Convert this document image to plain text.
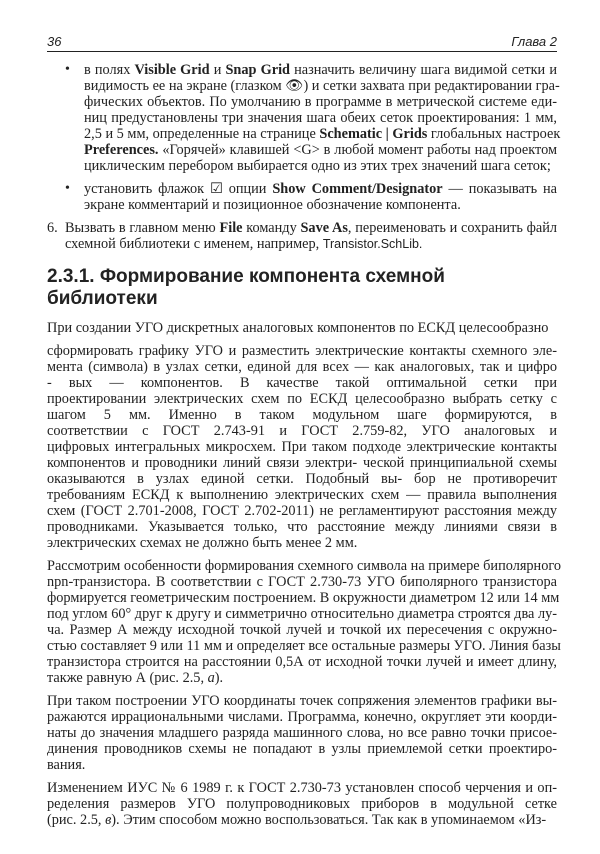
36	Глава 2
• в полях Visible Grid и Snap Grid назначить величину шага видимой сетки и
видимость ее на экране (глазком 👁) и сетки захвата при редактировании гра-
фических объектов. По умолчанию в программе в метрической системе еди-
ниц предустановлены три значения шага обеих сеток проектирования: 1 мм,
2,5 и 5 мм, определенные на странице Schematic | Grids глобальных настроек
Preferences. «Горячей» клавишей <G> в любой момент работы над проектом
циклическим перебором выбирается одно из этих трех значений шага сеток;
• установить флажок ☑ опции Show Comment/Designator — показывать на
экране комментарий и позиционное обозначение компонента.
6. Вызвать в главном меню File команду Save As, переименовать и сохранить файл
схемной библиотеки с именем, например, Transistor.SchLib.
2.3.1. Формирование компонента схемной библиотеки
При создании УГО дискретных аналоговых компонентов по ЕСКД целесообразно
сформировать графику УГО и разместить электрические контакты схемного эле-
мента (символа) в узлах сетки, единой для всех — как аналоговых, так и цифро
- вых — компонентов. В качестве такой оптимальной сетки при
проектировании электрических схем по ЕСКД целесообразно выбрать сетку с
шагом 5 мм. Именно в таком модульном шаге формируются, в
соответствии с ГОСТ 2.743-91 и ГОСТ 2.759-82, УГО аналоговых и
цифровых интегральных микросхем. При таком подходе электрические контакты
компонентов и проводники линий связи электри- ческой принципиальной схемы
оказываются в узлах единой сетки. Подобный вы- бор не противоречит
требованиям ЕСКД к выполнению электрических схем — правила выполнения
схем (ГОСТ 2.701-2008, ГОСТ 2.702-2011) не регламентируют расстояния между
проводниками. Указывается только, что расстояние между линиями связи в
электрических схемах не должно быть менее 2 мм.
Рассмотрим особенности формирования схемного символа на примере биполярного
npn-транзистора. В соответствии с ГОСТ 2.730-73 УГО биполярного транзистора
формируется геометрическим построением. В окружности диаметром 12 или 14 мм
под углом 60° друг к другу и симметрично относительно диаметра строятся два лу-
ча. Размер А между исходной точкой лучей и точкой их пересечения с окружно-
стью составляет 9 или 11 мм и определяет все остальные размеры УГО. Линия базы
транзистора строится на расстоянии 0,5А от исходной точки лучей и имеет длину,
также равную А (рис. 2.5, а).
При таком построении УГО координаты точек сопряжения элементов графики вы-
ражаются иррациональными числами. Программа, конечно, округляет эти коорди-
наты до значения младшего разряда машинного слова, но все равно точки присое-
динения проводников схемы не попадают в узлы приемлемой сетки проектиро-
вания.
Изменением ИУС № 6 1989 г. к ГОСТ 2.730-73 установлен способ черчения и оп-
ределения размеров УГО полупроводниковых приборов в модульной сетке
(рис. 2.5, в). Этим способом можно воспользоваться. Так как в упоминаемом «Из-
